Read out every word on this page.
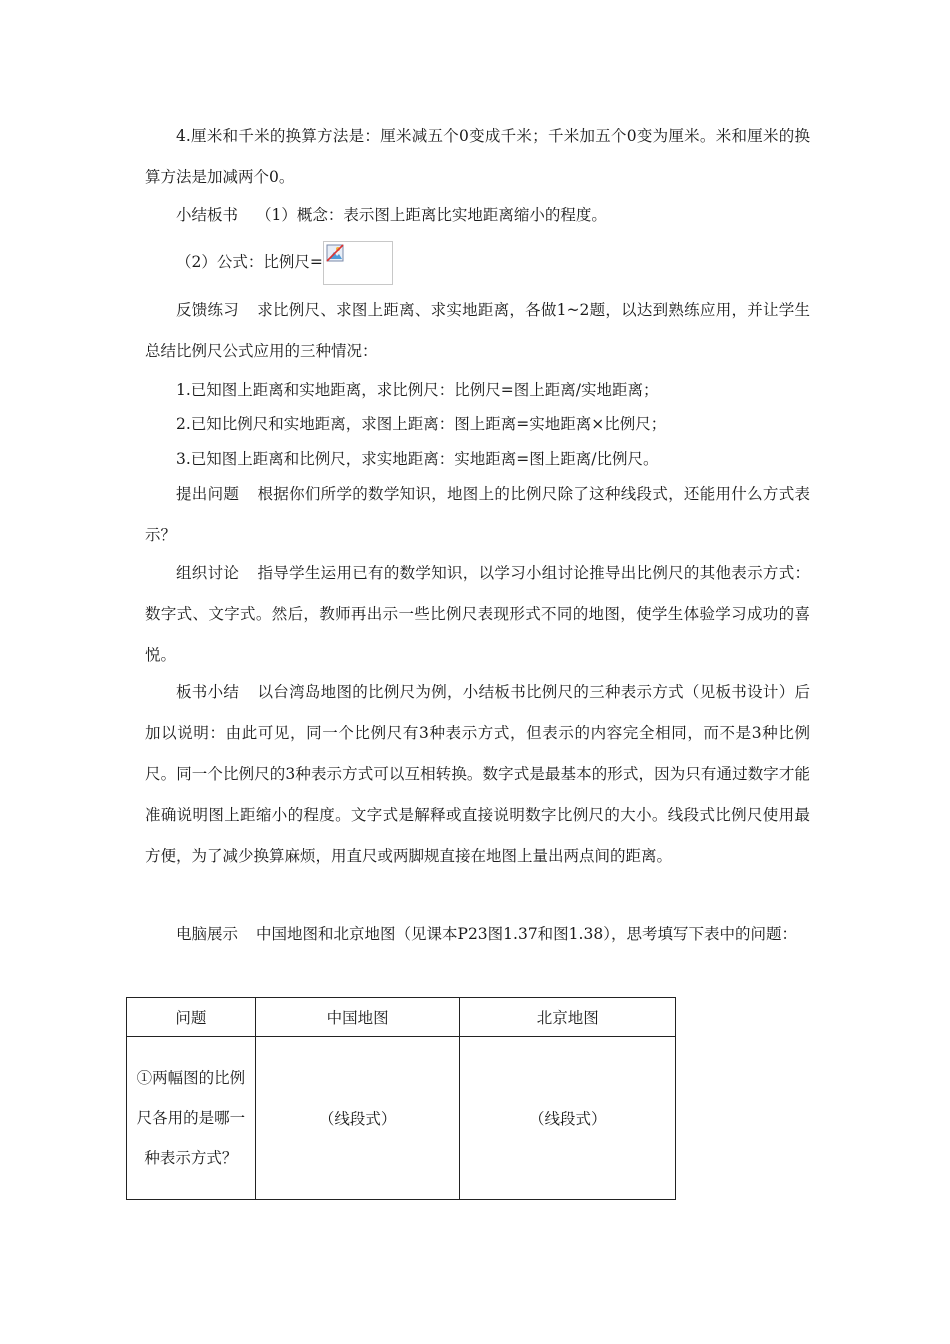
4.厘米和千米的换算方法是：厘米减五个0变成千米；千米加五个0变为厘米。米和厘米的换算方法是加减两个0。

小结板书 （1）概念：表示图上距离比实地距离缩小的程度。

（2）公式：比例尺=

反馈练习 求比例尺、求图上距离、求实地距离，各做1~2题，以达到熟练应用，并让学生总结比例尺公式应用的三种情况：

1.已知图上距离和实地距离，求比例尺：比例尺=图上距离/实地距离；

2.已知比例尺和实地距离，求图上距离：图上距离=实地距离×比例尺；

3.已知图上距离和比例尺，求实地距离：实地距离=图上距离/比例尺。

提出问题 根据你们所学的数学知识，地图上的比例尺除了这种线段式，还能用什么方式表示？

组织讨论 指导学生运用已有的数学知识，以学习小组讨论推导出比例尺的其他表示方式：数字式、文字式。然后，教师再出示一些比例尺表现形式不同的地图，使学生体验学习成功的喜悦。

板书小结 以台湾岛地图的比例尺为例，小结板书比例尺的三种表示方式（见板书设计）后加以说明：由此可见，同一个比例尺有3种表示方式，但表示的内容完全相同，而不是3种比例尺。同一个比例尺的3种表示方式可以互相转换。数字式是最基本的形式，因为只有通过数字才能准确说明图上距缩小的程度。文字式是解释或直接说明数字比例尺的大小。线段式比例尺使用最方便，为了减少换算麻烦，用直尺或两脚规直接在地图上量出两点间的距离。

电脑展示 中国地图和北京地图（见课本P23图1.37和图1.38），思考填写下表中的问题：

问题	中国地图	北京地图
①两幅图的比例尺各用的是哪一种表示方式？	（线段式）	（线段式）
